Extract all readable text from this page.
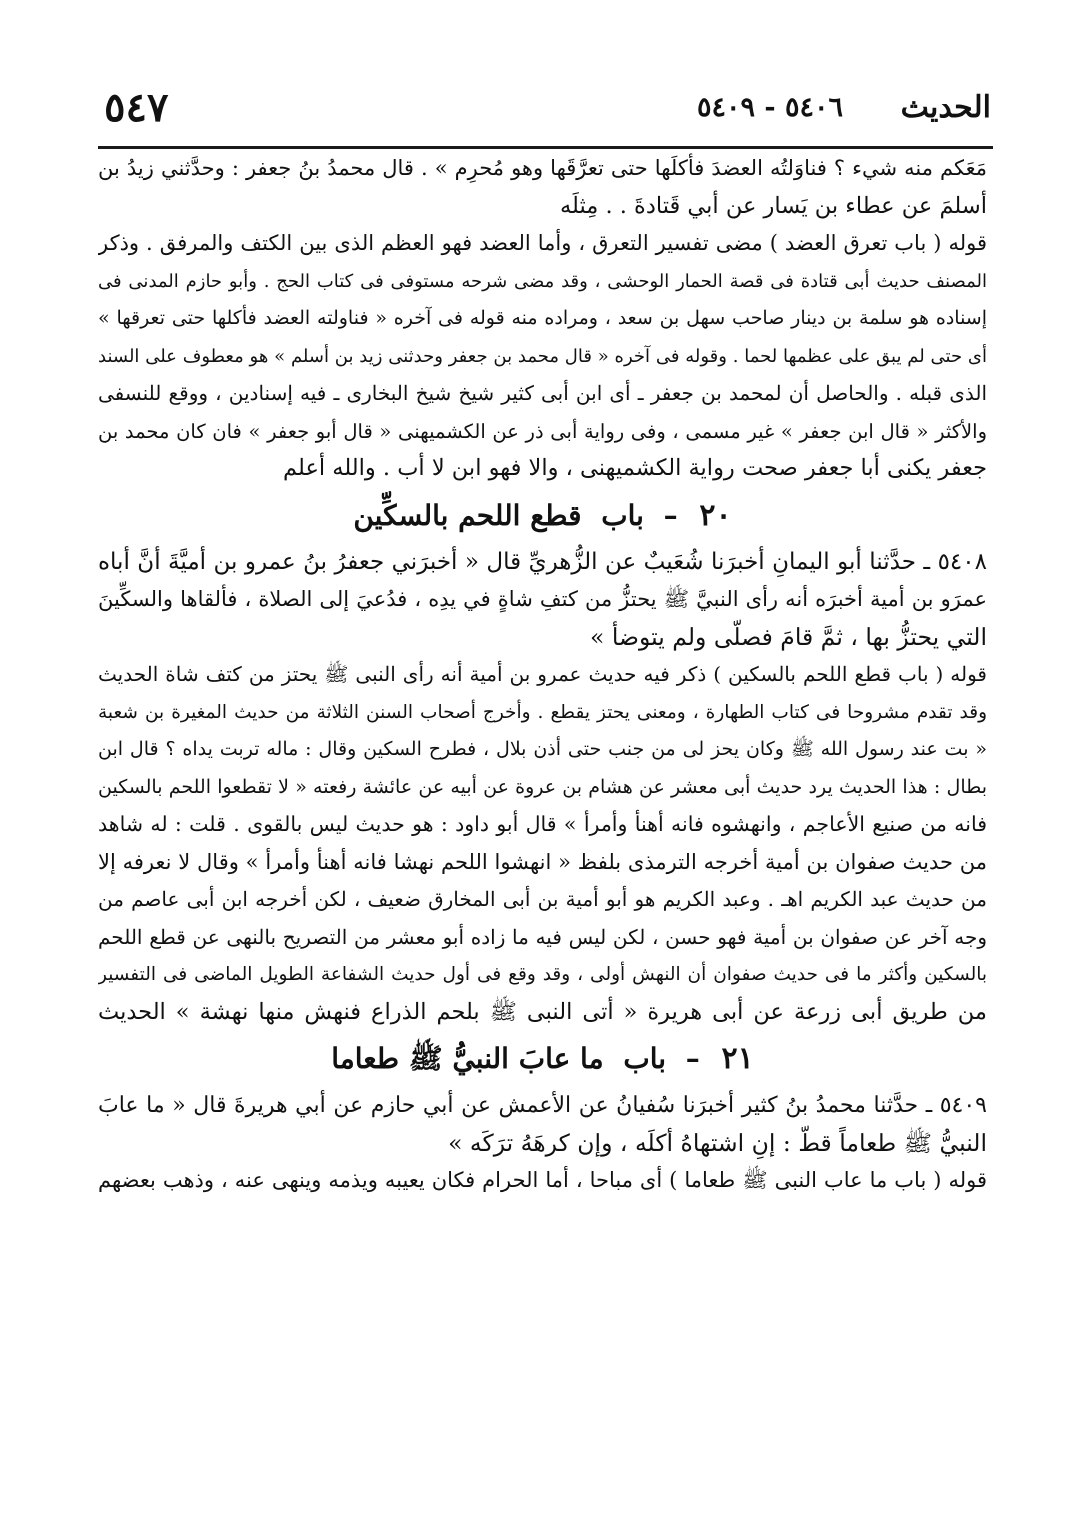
الحديث
٥٤٠٦ - ٥٤٠٩
٥٤٧
مَعَكم منه شيء ؟ فناوَلتُه العضدَ فأكلَها حتى تعرَّقَها وهو مُحرِم » . قال محمدُ بنُ جعفر : وحدَّثني زيدُ بن
أسلمَ عن عطاء بن يَسار عن أبي قَتادةَ . . مِثلَه
قوله ( باب تعرق العضد ) مضى تفسير التعرق ، وأما العضد فهو العظم الذى بين الكتف والمرفق . وذكر
المصنف حديث أبى قتادة فى قصة الحمار الوحشى ، وقد مضى شرحه مستوفى فى كتاب الحج . وأبو حازم المدنى فى
إسناده هو سلمة بن دينار صاحب سهل بن سعد ، ومراده منه قوله فى آخره « فناولته العضد فأكلها حتى تعرقها »
أى حتى لم يبق على عظمها لحما . وقوله فى آخره « قال محمد بن جعفر وحدثنى زيد بن أسلم » هو معطوف على السند
الذى قبله . والحاصل أن لمحمد بن جعفر ـ أى ابن أبى كثير شيخ شيخ البخارى ـ فيه إسنادين ، ووقع للنسفى
والأكثر « قال ابن جعفر » غير مسمى ، وفى رواية أبى ذر عن الكشميهنى « قال أبو جعفر » فان كان محمد بن
جعفر يكنى أبا جعفر صحت رواية الكشميهنى ، والا فهو ابن لا أب . والله أعلم
٢٠ – باب قطع اللحم بالسكِّين
٥٤٠٨ ـ حدَّثنا أبو اليمانِ أخبرَنا شُعَيبٌ عن الزُّهريِّ قال « أخبرَني جعفرُ بنُ عمرو بن أميَّةَ أنَّ أباه
عمرَو بن أمية أخبرَه أنه رأى النبيَّ ﷺ يحتزُّ من كتفِ شاةٍ في يدِه ، فدُعيَ إلى الصلاة ، فألقاها والسكِّينَ
التي يحتزُّ بها ، ثمَّ قامَ فصلَّى ولم يتوضأ »
قوله ( باب قطع اللحم بالسكين ) ذكر فيه حديث عمرو بن أمية أنه رأى النبى ﷺ يحتز من كتف شاة الحديث
وقد تقدم مشروحا فى كتاب الطهارة ، ومعنى يحتز يقطع . وأخرج أصحاب السنن الثلاثة من حديث المغيرة بن شعبة
« بت عند رسول الله ﷺ وكان يحز لى من جنب حتى أذن بلال ، فطرح السكين وقال : ماله تربت يداه ؟ قال ابن
بطال : هذا الحديث يرد حديث أبى معشر عن هشام بن عروة عن أبيه عن عائشة رفعته « لا تقطعوا اللحم بالسكين
فانه من صنيع الأعاجم ، وانهشوه فانه أهنأ وأمرأ » قال أبو داود : هو حديث ليس بالقوى . قلت : له شاهد
من حديث صفوان بن أمية أخرجه الترمذى بلفظ « انهشوا اللحم نهشا فانه أهنأ وأمرأ » وقال لا نعرفه إلا
من حديث عبد الكريم اهـ . وعبد الكريم هو أبو أمية بن أبى المخارق ضعيف ، لكن أخرجه ابن أبى عاصم من
وجه آخر عن صفوان بن أمية فهو حسن ، لكن ليس فيه ما زاده أبو معشر من التصريح بالنهى عن قطع اللحم
بالسكين وأكثر ما فى حديث صفوان أن النهش أولى ، وقد وقع فى أول حديث الشفاعة الطويل الماضى فى التفسير
من طريق أبى زرعة عن أبى هريرة « أتى النبى ﷺ بلحم الذراع فنهش منها نهشة » الحديث
٢١ – باب ما عابَ النبيُّ ﷺ طعاما
٥٤٠٩ ـ حدَّثنا محمدُ بنُ كثير أخبرَنا سُفيانُ عن الأعمش عن أبي حازم عن أبي هريرةَ قال « ما عابَ
النبيُّ ﷺ طعاماً قطُّ : إنِ اشتهاهُ أكلَه ، وإن كرهَهُ ترَكَه »
قوله ( باب ما عاب النبى ﷺ طعاما ) أى مباحا ، أما الحرام فكان يعيبه ويذمه وينهى عنه ، وذهب بعضهم
